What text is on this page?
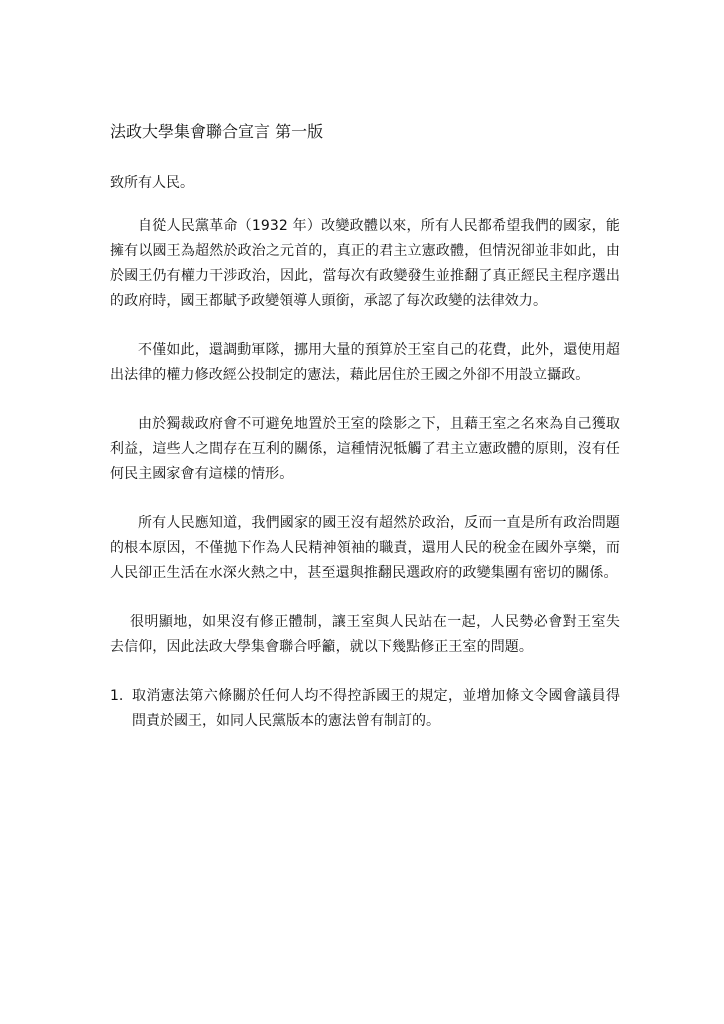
法政大學集會聯合宣言 第一版

致所有人民。

自從人民黨革命（1932 年）改變政體以來，所有人民都希望我們的國家，能擁有以國王為超然於政治之元首的，真正的君主立憲政體，但情況卻並非如此，由於國王仍有權力干涉政治，因此，當每次有政變發生並推翻了真正經民主程序選出的政府時，國王都賦予政變領導人頭銜，承認了每次政變的法律效力。

不僅如此，還調動軍隊，挪用大量的預算於王室自己的花費，此外，還使用超出法律的權力修改經公投制定的憲法，藉此居住於王國之外卻不用設立攝政。

由於獨裁政府會不可避免地置於王室的陰影之下，且藉王室之名來為自己獲取利益，這些人之間存在互利的關係，這種情況牴觸了君主立憲政體的原則，沒有任何民主國家會有這樣的情形。

所有人民應知道，我們國家的國王沒有超然於政治，反而一直是所有政治問題的根本原因，不僅拋下作為人民精神領袖的職責，還用人民的稅金在國外享樂，而人民卻正生活在水深火熱之中，甚至還與推翻民選政府的政變集團有密切的關係。

很明顯地，如果沒有修正體制，讓王室與人民站在一起，人民勢必會對王室失去信仰，因此法政大學集會聯合呼籲，就以下幾點修正王室的問題。

1. 取消憲法第六條關於任何人均不得控訴國王的規定，並增加條文令國會議員得問責於國王，如同人民黨版本的憲法曾有制訂的。
